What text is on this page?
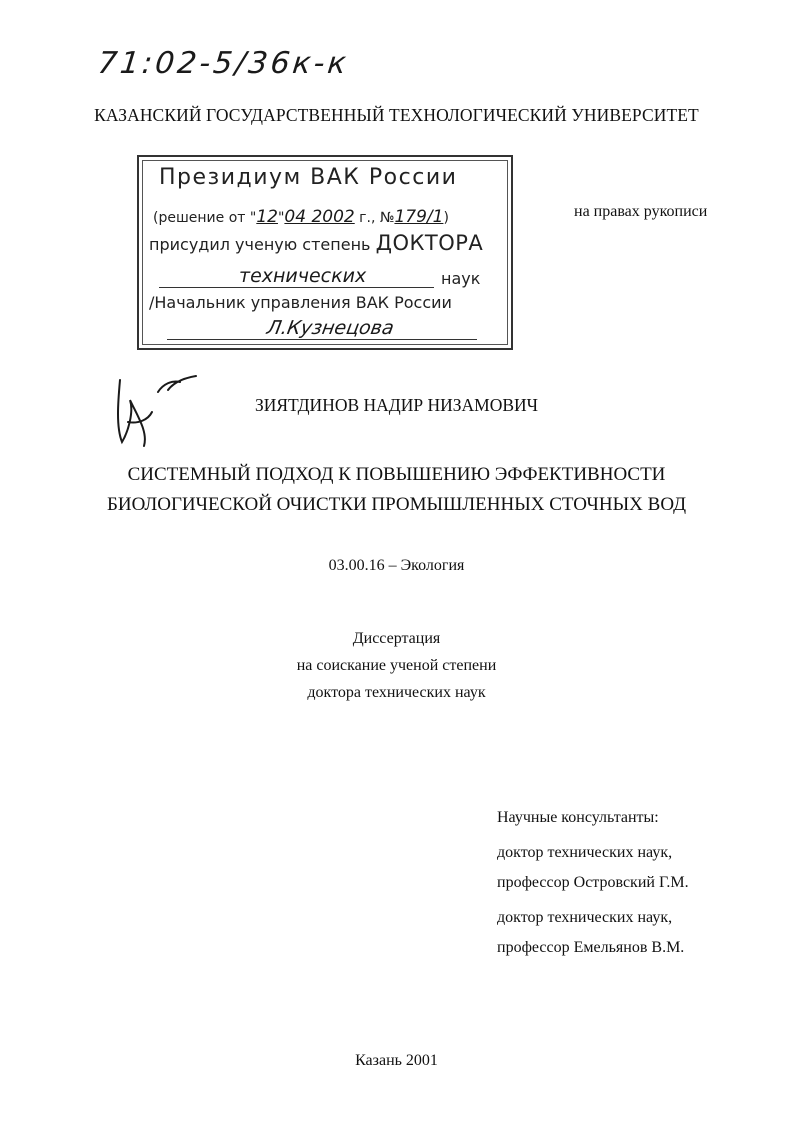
71:02-5/36к-к
КАЗАНСКИЙ ГОСУДАРСТВЕННЫЙ ТЕХНОЛОГИЧЕСКИЙ УНИВЕРСИТЕТ
Президиум ВАК России
(решение от "12"04 2002 г., №179/1)
присудил ученую степень ДОКТОРА
технических	наук
/Начальник управления ВАК России
Л.Кузнецова
на правах рукописи
ЗИЯТДИНОВ НАДИР НИЗАМОВИЧ
СИСТЕМНЫЙ ПОДХОД К ПОВЫШЕНИЮ ЭФФЕКТИВНОСТИ
БИОЛОГИЧЕСКОЙ ОЧИСТКИ ПРОМЫШЛЕННЫХ СТОЧНЫХ ВОД
03.00.16 – Экология
Диссертация
на соискание ученой степени
доктора технических наук
Научные консультанты:
доктор технических наук,
профессор Островский Г.М.
доктор технических наук,
профессор Емельянов В.М.
Казань 2001
